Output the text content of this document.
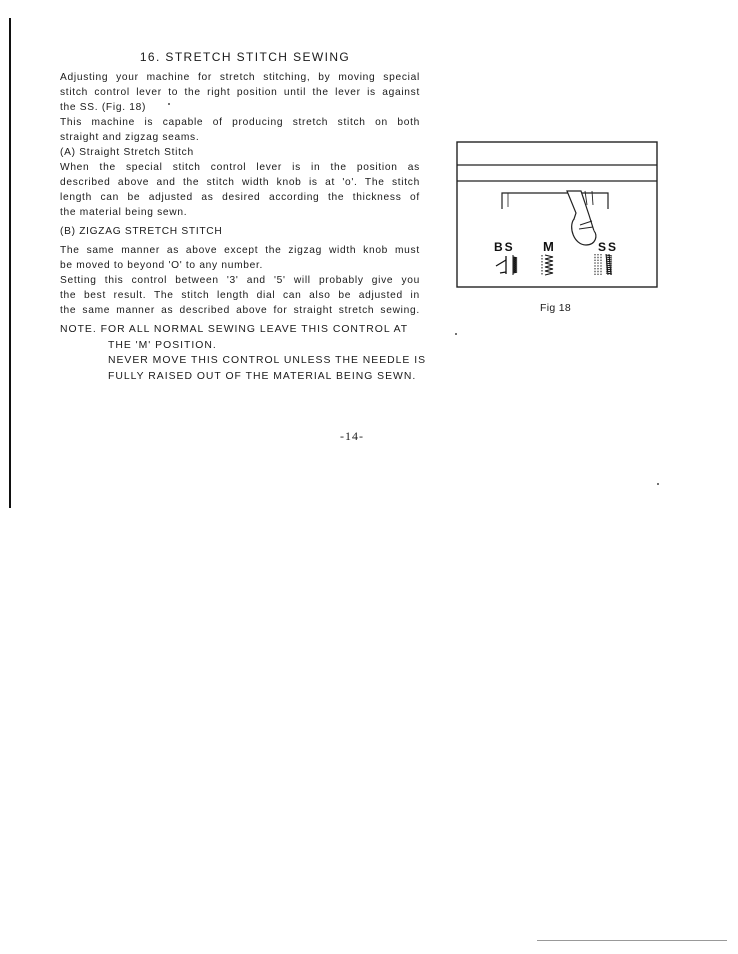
16. STRETCH STITCH SEWING
Adjusting your machine for stretch stitching, by moving special
stitch control lever to the right position until the lever is against
the SS. (Fig. 18)
This machine is capable of producing stretch stitch on both
straight and zigzag seams.
(A) Straight Stretch Stitch
When the special stitch control lever is in the position as
described above and the stitch width knob is at 'o'. The stitch
length can be adjusted as desired according the thickness of
the material being sewn.
(B) ZIGZAG STRETCH STITCH
The same manner as above except the zigzag width knob must
be moved to beyond 'O' to any number.
Setting this control between '3' and '5' will probably give you
the best result. The stitch length dial can also be adjusted in
the same manner as described above for straight stretch sewing.
NOTE. FOR ALL NORMAL SEWING LEAVE THIS CONTROL AT
THE 'M' POSITION.
NEVER MOVE THIS CONTROL UNLESS THE NEEDLE IS
FULLY RAISED OUT OF THE MATERIAL BEING SEWN.
-14-
BS M	SS
Fig 18
